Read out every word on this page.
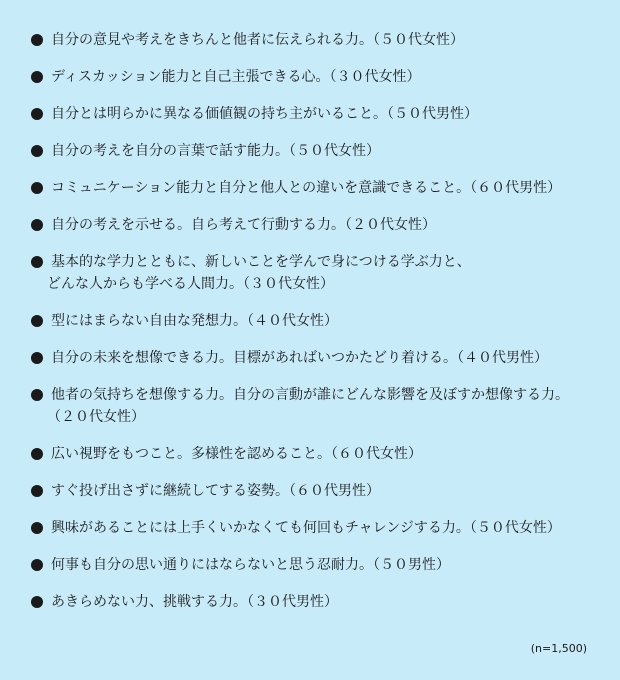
自分の意見や考えをきちんと他者に伝えられる力。（５０代女性）
ディスカッション能力と自己主張できる心。（３０代女性）
自分とは明らかに異なる価値観の持ち主がいること。（５０代男性）
自分の考えを自分の言葉で話す能力。（５０代女性）
コミュニケーション能力と自分と他人との違いを意識できること。（６０代男性）
自分の考えを示せる。自ら考えて行動する力。（２０代女性）
基本的な学力とともに、新しいことを学んで身につける学ぶ力と、
どんな人からも学べる人間力。（３０代女性）
型にはまらない自由な発想力。（４０代女性）
自分の未来を想像できる力。目標があればいつかたどり着ける。（４０代男性）
他者の気持ちを想像する力。自分の言動が誰にどんな影響を及ぼすか想像する力。
（２０代女性）
広い視野をもつこと。多様性を認めること。（６０代女性）
すぐ投げ出さずに継続してする姿勢。（６０代男性）
興味があることには上手くいかなくても何回もチャレンジする力。（５０代女性）
何事も自分の思い通りにはならないと思う忍耐力。（５０男性）
あきらめない力、挑戦する力。（３０代男性）
(n=1,500)
